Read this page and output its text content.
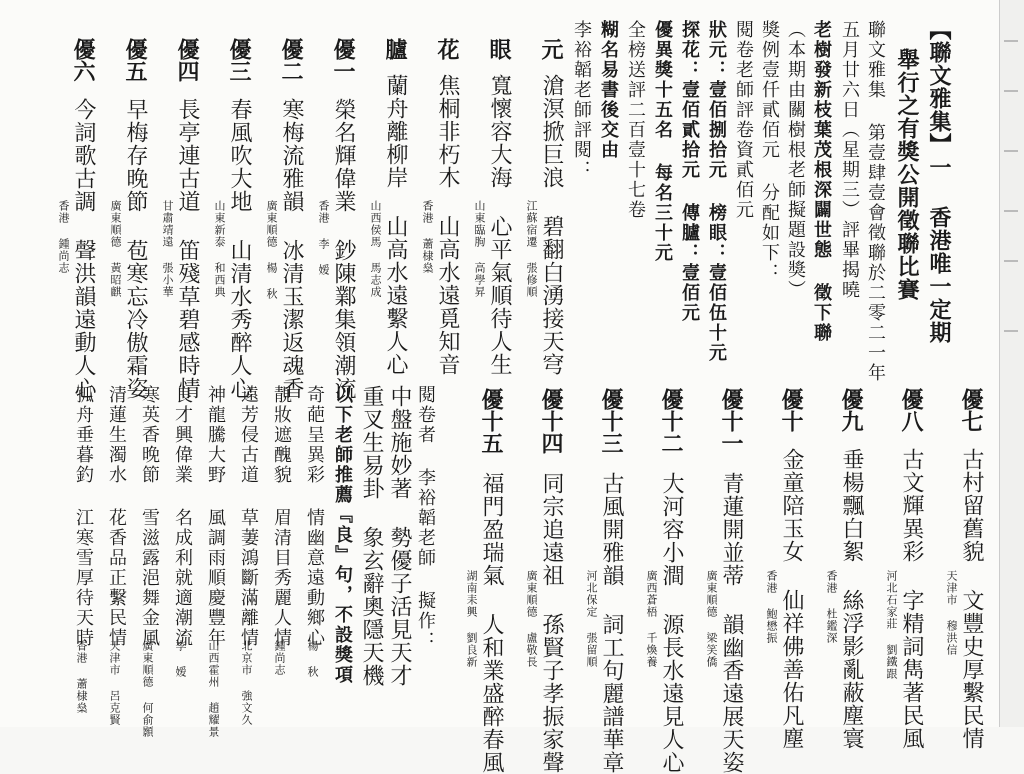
【聯文雅集】一 香港唯一定期
舉行之有獎公開徵聯比賽
聯文雅集 第壹肆壹會徵聯於二零二一年
五月廿六日（星期三）評畢揭曉
老樹發新枝葉茂根深闢世態 徵下聯
（本期由關樹根老師擬題設獎）
獎例壹仟貳佰元 分配如下：
閱卷老師評卷資貳佰元
狀元：壹佰捌拾元 榜眼：壹佰伍十元
探花：壹佰貳拾元 傳臚：壹佰元
優異獎十五名 每名三十元
全榜送評二百壹十七卷
糊名易書後交由
李裕韜老師評閱：
元
滄溟掀巨浪 碧翻白湧接天穹
江蘇宿遷 張修順
眼
寬懷容大海 心平氣順待人生
山東臨朐 高學昇
花
焦桐非朽木 山高水遠覓知音
香港 蕭棣燊
臚
蘭舟離柳岸 山高水遠繫人心
山西侯馬 馬志成
優一
榮名輝偉業 鈔陳鄴集領潮流
香港 李 嫒
優二
寒梅流雅韻 冰清玉潔返魂香
廣東順德 楊 秋
優三
春風吹大地 山清水秀醉人心
山東新泰 和西典
優四
長亭連古道 笛殘草碧感時情
甘肅靖遠 張小華
優五
早梅存晚節 苞寒忘冷傲霜姿
廣東順德 黃昭麒
優六
今詞歌古調 聲洪韻遠動人心
香港 鍾尚志
優七
古村留舊貌 文豐史厚繫民情
天津市 穆洪信
優八
古文輝異彩 字精詞雋著民風
河北石家莊 劉鐵跟
優九
垂楊飄白絮 絲浮影亂蔽塵寰
香港 杜鑑深
優十
金童陪玉女 仙祥佛善佑凡塵
香港 鮑懋振
優十一
青蓮開並蒂 韻幽香遠展天姿
廣東順德 梁笑僑
優十二
大河容小澗 源長水遠見人心
廣西蒼梧 千煥養
優十三
古風開雅韻 詞工句麗譜華章
河北保定 張留順
優十四
同宗追遠祖 孫賢子孝振家聲
廣東順德 盧敬長
優十五
福門盈瑞氣 人和業盛醉春風
湖南耒興 劉良新
閱卷者 李裕韜老師 擬作：
中盤施妙著 勢優子活見天才
重叉生易卦 象玄辭奧隱天機
以下老師推薦『良』句，不設獎項
奇葩呈異彩 情幽意遠動鄉心
楊 秋
靚妝遮醜貌 眉清目秀麗人情
鍾尚志
遠芳侵古道 草萋鴻斷滿離情
北京市 強文久
神龍騰大野 風調雨順慶豐年
山西霍州 趙耀景
良才興偉業 名成利就適潮流
李 嫒
寒英香晚節 雪滋露浥舞金風
廣東順德 何俞顥
清蓮生濁水 花香品正繫民情
天津市 呂克賢
孤舟垂暮釣 江寒雪厚待天時
香港 蕭棣燊
